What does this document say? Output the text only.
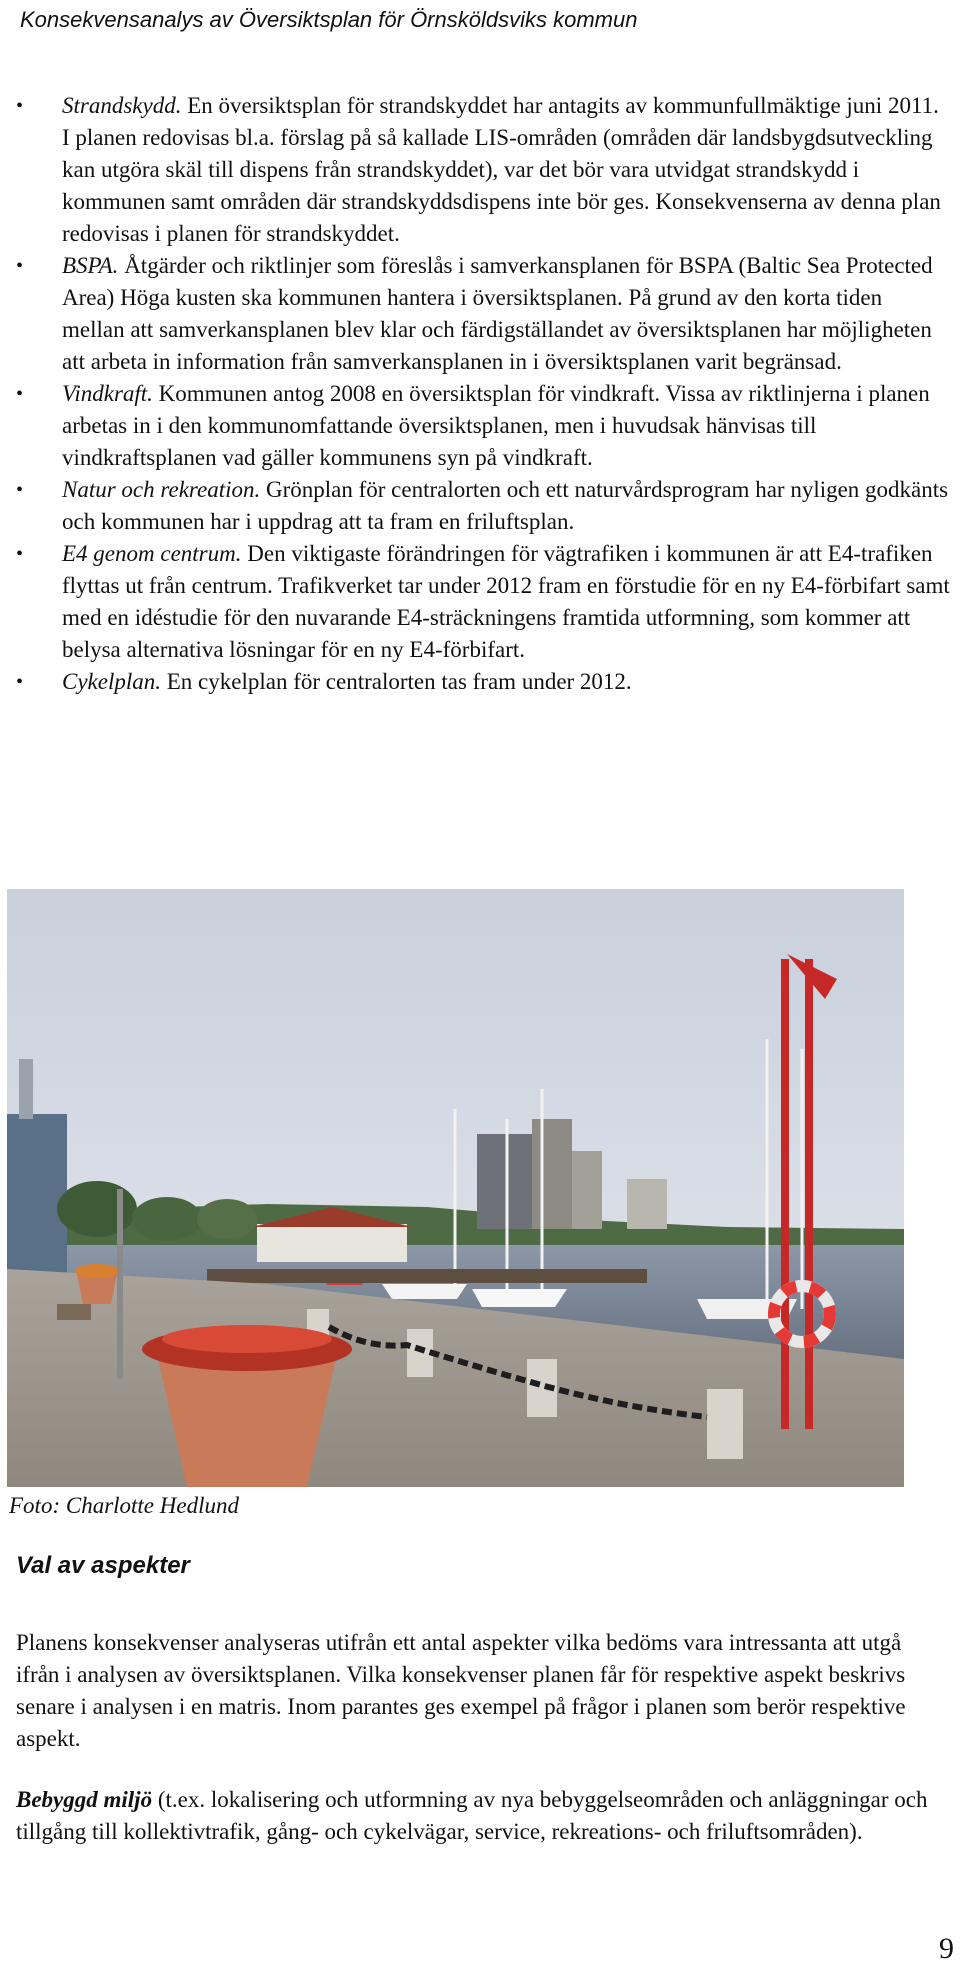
Konsekvensanalys av Översiktsplan för Örnsköldsviks kommun
• Strandskydd. En översiktsplan för strandskyddet har antagits av kommunfullmäktige juni 2011. I planen redovisas bl.a. förslag på så kallade LIS-områden (områden där landsbygdsutveckling kan utgöra skäl till dispens från strandskyddet), var det bör vara utvidgat strandskydd i kommunen samt områden där strandskyddsdispens inte bör ges. Konsekvenserna av denna plan redovisas i planen för strandskyddet.
• BSPA. Åtgärder och riktlinjer som föreslås i samverkansplanen för BSPA (Baltic Sea Protected Area) Höga kusten ska kommunen hantera i översiktsplanen. På grund av den korta tiden mellan att samverkansplanen blev klar och färdigställandet av översiktsplanen har möjligheten att arbeta in information från samverkansplanen in i översiktsplanen varit begränsad.
• Vindkraft. Kommunen antog 2008 en översiktsplan för vindkraft. Vissa av riktlinjerna i planen arbetas in i den kommunomfattande översiktsplanen, men i huvudsak hänvisas till vindkraftsplanen vad gäller kommunens syn på vindkraft.
• Natur och rekreation. Grönplan för centralorten och ett naturvårdsprogram har nyligen godkänts och kommunen har i uppdrag att ta fram en friluftsplan.
• E4 genom centrum. Den viktigaste förändringen för vägtrafiken i kommunen är att E4-trafiken flyttas ut från centrum. Trafikverket tar under 2012 fram en förstudie för en ny E4-förbifart samt med en idéstudie för den nuvarande E4-sträckningens framtida utformning, som kommer att belysa alternativa lösningar för en ny E4-förbifart.
• Cykelplan. En cykelplan för centralorten tas fram under 2012.
Foto: Charlotte Hedlund
Val av aspekter

Planens konsekvenser analyseras utifrån ett antal aspekter vilka bedöms vara intressanta att utgå ifrån i analysen av översiktsplanen. Vilka konsekvenser planen får för respektive aspekt beskrivs senare i analysen i en matris. Inom parantes ges exempel på frågor i planen som berör respektive aspekt.

Bebyggd miljö (t.ex. lokalisering och utformning av nya bebyggelseområden och anläggningar och tillgång till kollektivtrafik, gång- och cykelvägar, service, rekreations- och friluftsområden).

9
